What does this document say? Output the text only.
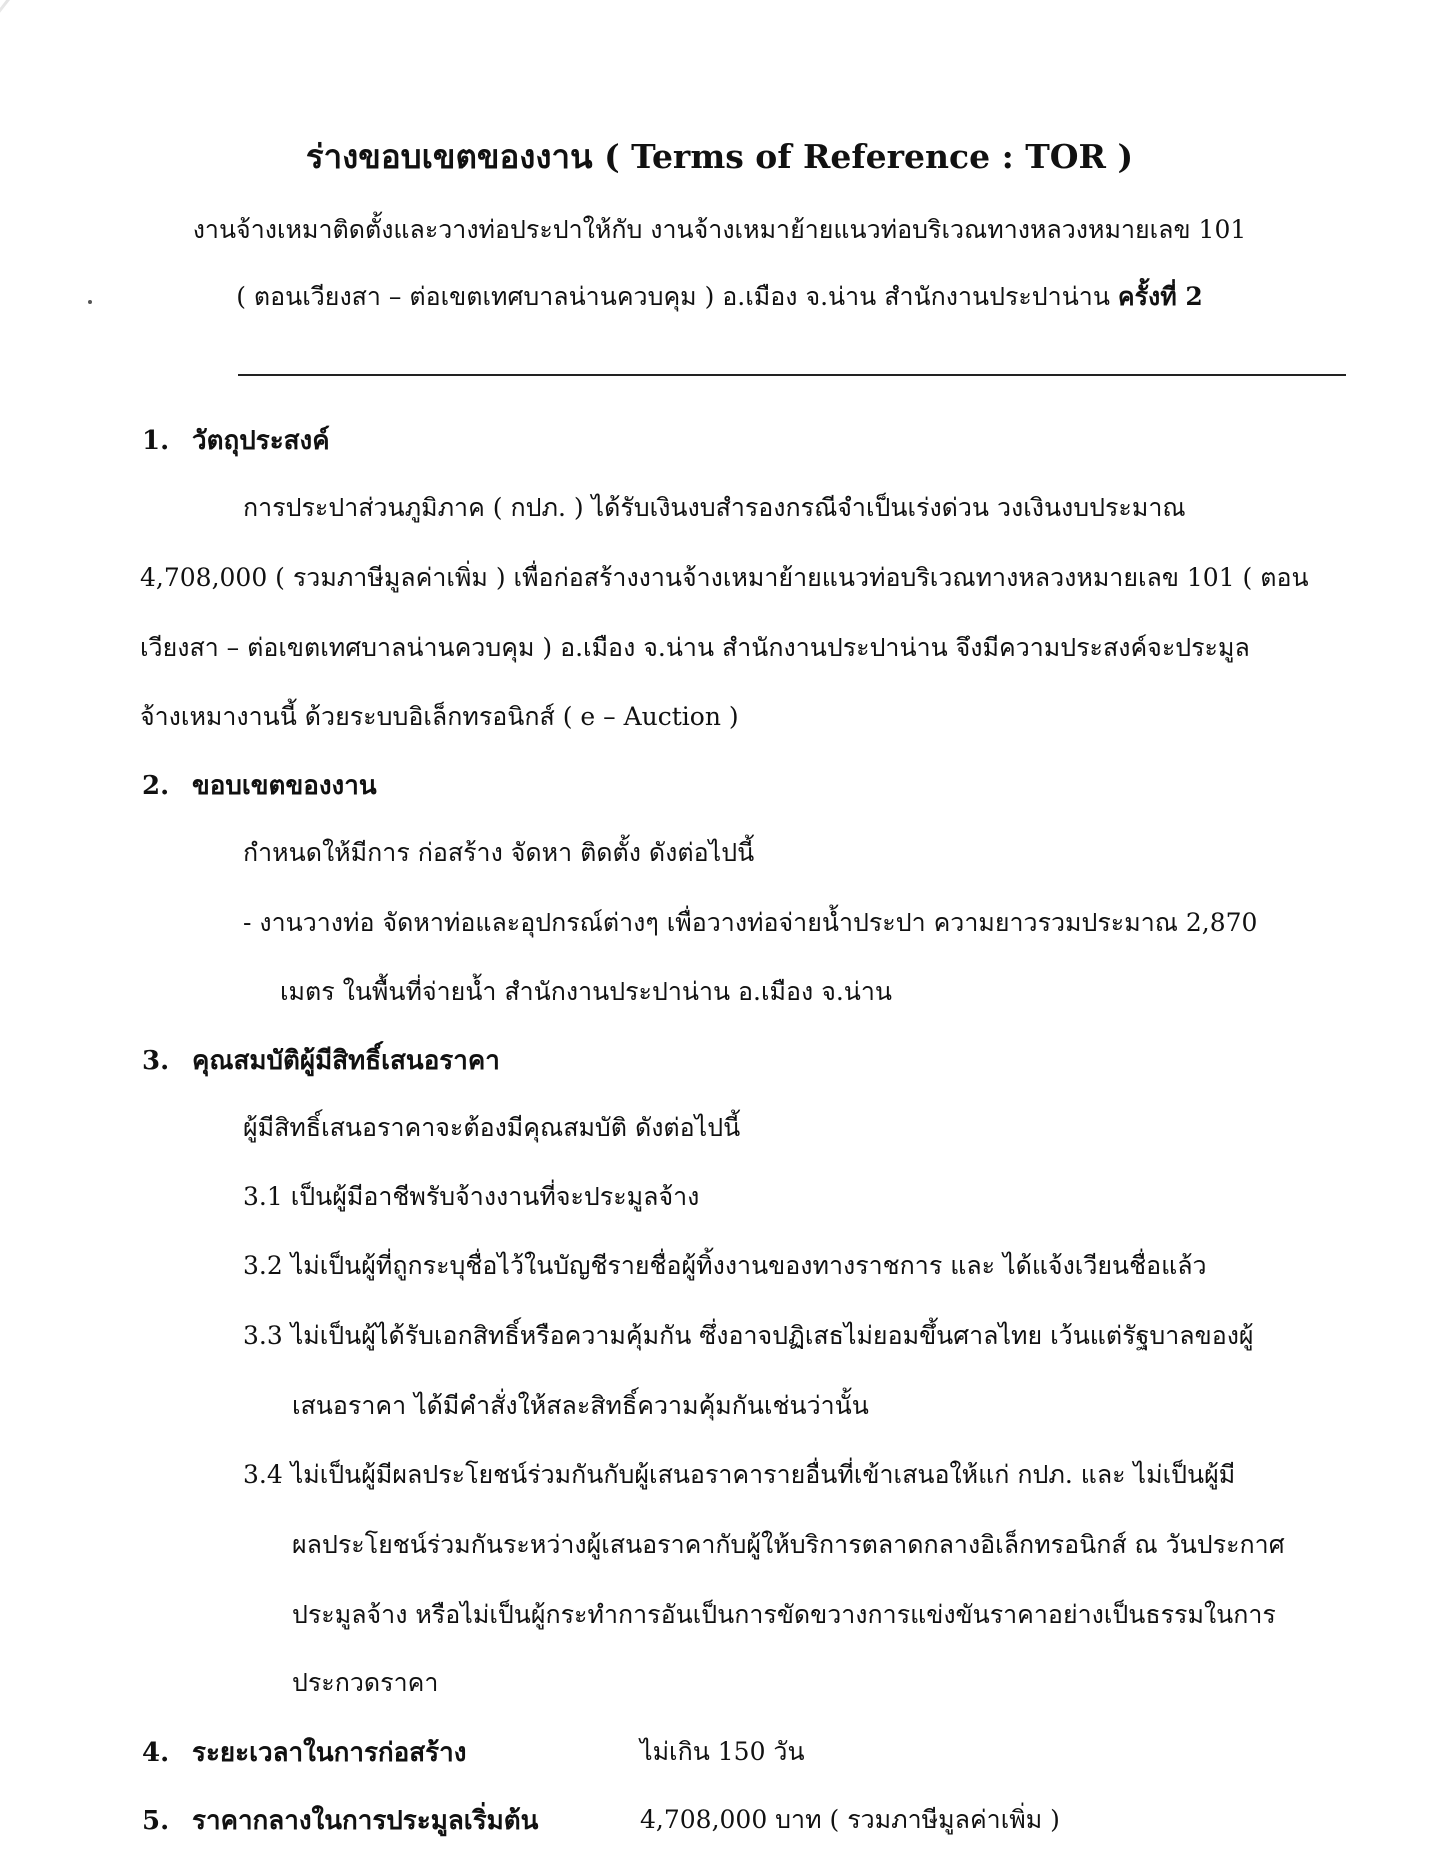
ร่างขอบเขตของงาน ( Terms of Reference : TOR )
งานจ้างเหมาติดตั้งและวางท่อประปาให้กับ งานจ้างเหมาย้ายแนวท่อบริเวณทางหลวงหมายเลข 101
( ตอนเวียงสา – ต่อเขตเทศบาลน่านควบคุม ) อ.เมือง จ.น่าน สำนักงานประปาน่าน ครั้งที่ 2
1. วัตถุประสงค์
การประปาส่วนภูมิภาค ( กปภ. ) ได้รับเงินงบสำรองกรณีจำเป็นเร่งด่วน วงเงินงบประมาณ
4,708,000 ( รวมภาษีมูลค่าเพิ่ม ) เพื่อก่อสร้างงานจ้างเหมาย้ายแนวท่อบริเวณทางหลวงหมายเลข 101 ( ตอน
เวียงสา – ต่อเขตเทศบาลน่านควบคุม ) อ.เมือง จ.น่าน สำนักงานประปาน่าน จึงมีความประสงค์จะประมูล
จ้างเหมางานนี้ ด้วยระบบอิเล็กทรอนิกส์ ( e – Auction )
2. ขอบเขตของงาน
กำหนดให้มีการ ก่อสร้าง จัดหา ติดตั้ง ดังต่อไปนี้
- งานวางท่อ จัดหาท่อและอุปกรณ์ต่างๆ เพื่อวางท่อจ่ายน้ำประปา ความยาวรวมประมาณ 2,870
เมตร ในพื้นที่จ่ายน้ำ สำนักงานประปาน่าน อ.เมือง จ.น่าน
3. คุณสมบัติผู้มีสิทธิ์เสนอราคา
ผู้มีสิทธิ์เสนอราคาจะต้องมีคุณสมบัติ ดังต่อไปนี้
3.1 เป็นผู้มีอาชีพรับจ้างงานที่จะประมูลจ้าง
3.2 ไม่เป็นผู้ที่ถูกระบุชื่อไว้ในบัญชีรายชื่อผู้ทิ้งงานของทางราชการ และ ได้แจ้งเวียนชื่อแล้ว
3.3 ไม่เป็นผู้ได้รับเอกสิทธิ์หรือความคุ้มกัน ซึ่งอาจปฏิเสธไม่ยอมขึ้นศาลไทย เว้นแต่รัฐบาลของผู้
เสนอราคา ได้มีคำสั่งให้สละสิทธิ์ความคุ้มกันเช่นว่านั้น
3.4 ไม่เป็นผู้มีผลประโยชน์ร่วมกันกับผู้เสนอราคารายอื่นที่เข้าเสนอให้แก่ กปภ. และ ไม่เป็นผู้มี
ผลประโยชน์ร่วมกันระหว่างผู้เสนอราคากับผู้ให้บริการตลาดกลางอิเล็กทรอนิกส์ ณ วันประกาศ
ประมูลจ้าง หรือไม่เป็นผู้กระทำการอันเป็นการขัดขวางการแข่งขันราคาอย่างเป็นธรรมในการ
ประกวดราคา
4. ระยะเวลาในการก่อสร้าง	ไม่เกิน 150 วัน
5. ราคากลางในการประมูลเริ่มต้น	4,708,000 บาท ( รวมภาษีมูลค่าเพิ่ม )
